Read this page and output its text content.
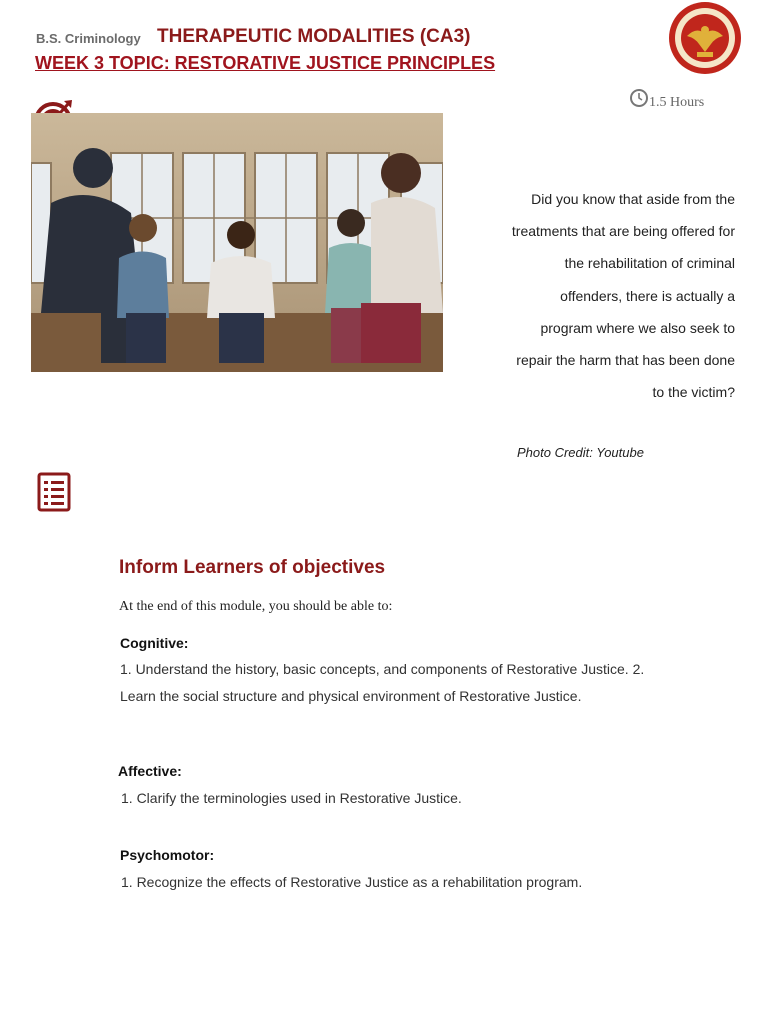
B.S. Criminology THERAPEUTIC MODALITIES (CA3)
WEEK 3 TOPIC: RESTORATIVE JUSTICE PRINCIPLES
1.5 Hours
Did you know that aside from the treatments that are being offered for the rehabilitation of criminal offenders, there is actually a program where we also seek to repair the harm that has been done to the victim?
Photo Credit: Youtube
Inform Learners of objectives
At the end of this module, you should be able to:
Cognitive:
1. Understand the history, basic concepts, and components of Restorative Justice. 2. Learn the social structure and physical environment of Restorative Justice.
Affective:
1. Clarify the terminologies used in Restorative Justice.
Psychomotor:
1. Recognize the effects of Restorative Justice as a rehabilitation program.
